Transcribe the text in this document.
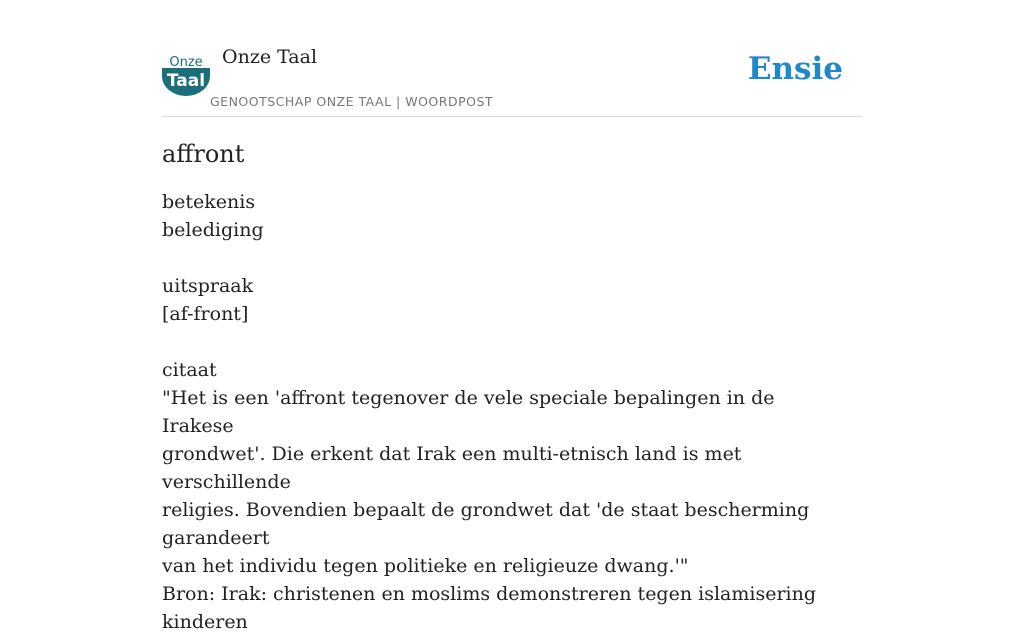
Onze
Taal
Onze Taal
GENOOTSCHAP ONZE TAAL | WOORDPOST
Ensie
affront

betekenis

belediging

uitspraak

[af-front]

citaat

"Het is een 'affront tegenover de vele speciale bepalingen in de Irakese

grondwet'. Die erkent dat Irak een multi-etnisch land is met verschillende

religies. Bovendien bepaalt de grondwet dat 'de staat bescherming garandeert

van het individu tegen politieke en religieuze dwang.'"

Bron: Irak: christenen en moslims demonstreren tegen islamisering kinderen
